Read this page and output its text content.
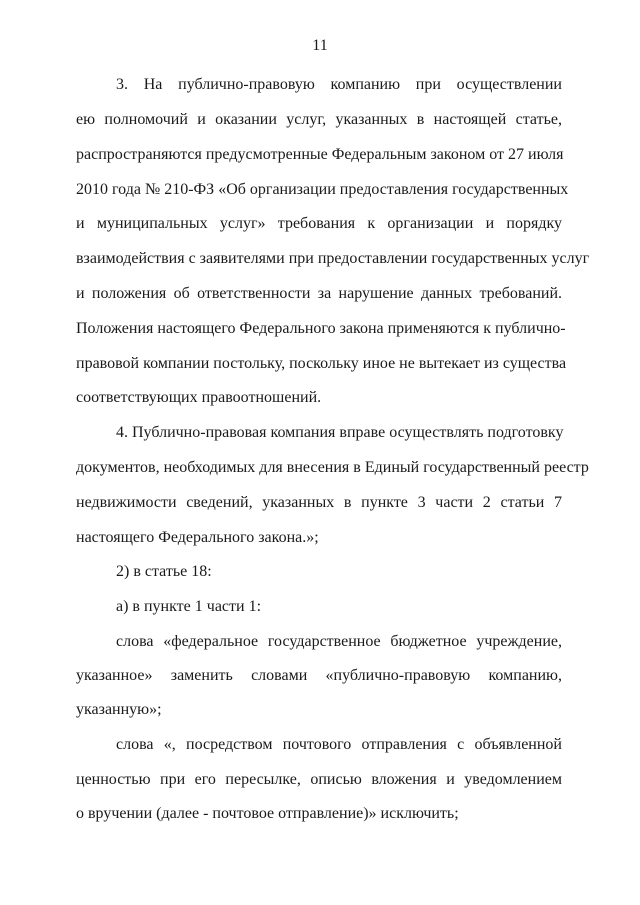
11
3. На публично-правовую компанию при осуществлении
ею полномочий и оказании услуг, указанных в настоящей статье,
распространяются предусмотренные Федеральным законом от 27 июля
2010 года № 210-ФЗ «Об организации предоставления государственных
и муниципальных услуг» требования к организации и порядку
взаимодействия с заявителями при предоставлении государственных услуг
и положения об ответственности за нарушение данных требований.
Положения настоящего Федерального закона применяются к публично-
правовой компании постольку, поскольку иное не вытекает из существа
соответствующих правоотношений.
4. Публично-правовая компания вправе осуществлять подготовку
документов, необходимых для внесения в Единый государственный реестр
недвижимости сведений, указанных в пункте 3 части 2 статьи 7
настоящего Федерального закона.»;
2) в статье 18:
а) в пункте 1 части 1:
слова «федеральное государственное бюджетное учреждение,
указанное» заменить словами «публично-правовую компанию,
указанную»;
слова «, посредством почтового отправления с объявленной
ценностью при его пересылке, описью вложения и уведомлением
о вручении (далее - почтовое отправление)» исключить;
